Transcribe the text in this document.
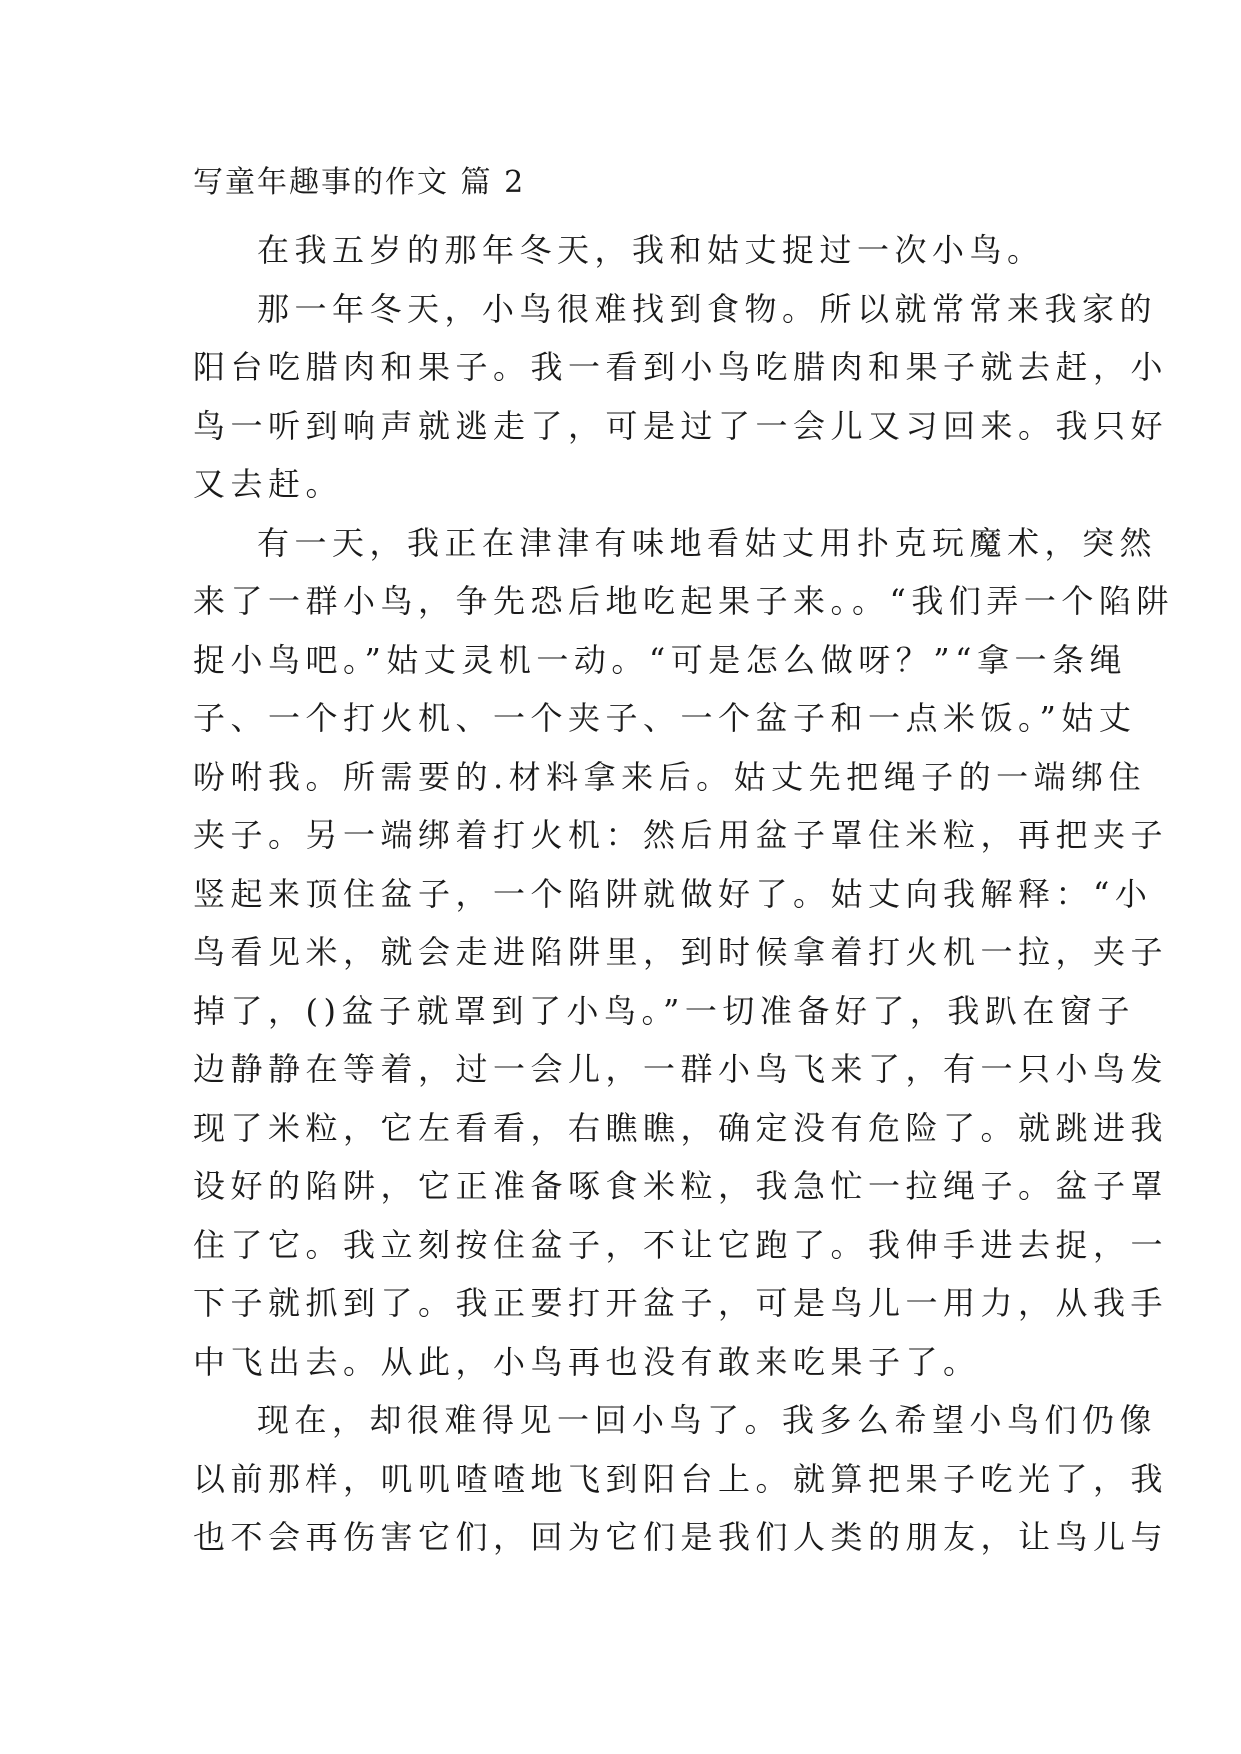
写童年趣事的作文 篇 2

在我五岁的那年冬天，我和姑丈捉过一次小鸟。

那一年冬天，小鸟很难找到食物。所以就常常来我家的
阳台吃腊肉和果子。我一看到小鸟吃腊肉和果子就去赶，小
鸟一听到响声就逃走了，可是过了一会儿又习回来。我只好
又去赶。

有一天，我正在津津有味地看姑丈用扑克玩魔术，突然
来了一群小鸟，争先恐后地吃起果子来。。“我们弄一个陷阱
捉小鸟吧。”姑丈灵机一动。“可是怎么做呀？”“拿一条绳
子、一个打火机、一个夹子、一个盆子和一点米饭。”姑丈
吩咐我。所需要的.材料拿来后。姑丈先把绳子的一端绑住
夹子。另一端绑着打火机：然后用盆子罩住米粒，再把夹子
竖起来顶住盆子，一个陷阱就做好了。姑丈向我解释：“小
鸟看见米，就会走进陷阱里，到时候拿着打火机一拉，夹子
掉了，()盆子就罩到了小鸟。”一切准备好了，我趴在窗子
边静静在等着，过一会儿，一群小鸟飞来了，有一只小鸟发
现了米粒，它左看看，右瞧瞧，确定没有危险了。就跳进我
设好的陷阱，它正准备啄食米粒，我急忙一拉绳子。盆子罩
住了它。我立刻按住盆子，不让它跑了。我伸手进去捉，一
下子就抓到了。我正要打开盆子，可是鸟儿一用力，从我手
中飞出去。从此，小鸟再也没有敢来吃果子了。

现在，却很难得见一回小鸟了。我多么希望小鸟们仍像
以前那样，叽叽喳喳地飞到阳台上。就算把果子吃光了，我
也不会再伤害它们，回为它们是我们人类的朋友，让鸟儿与
